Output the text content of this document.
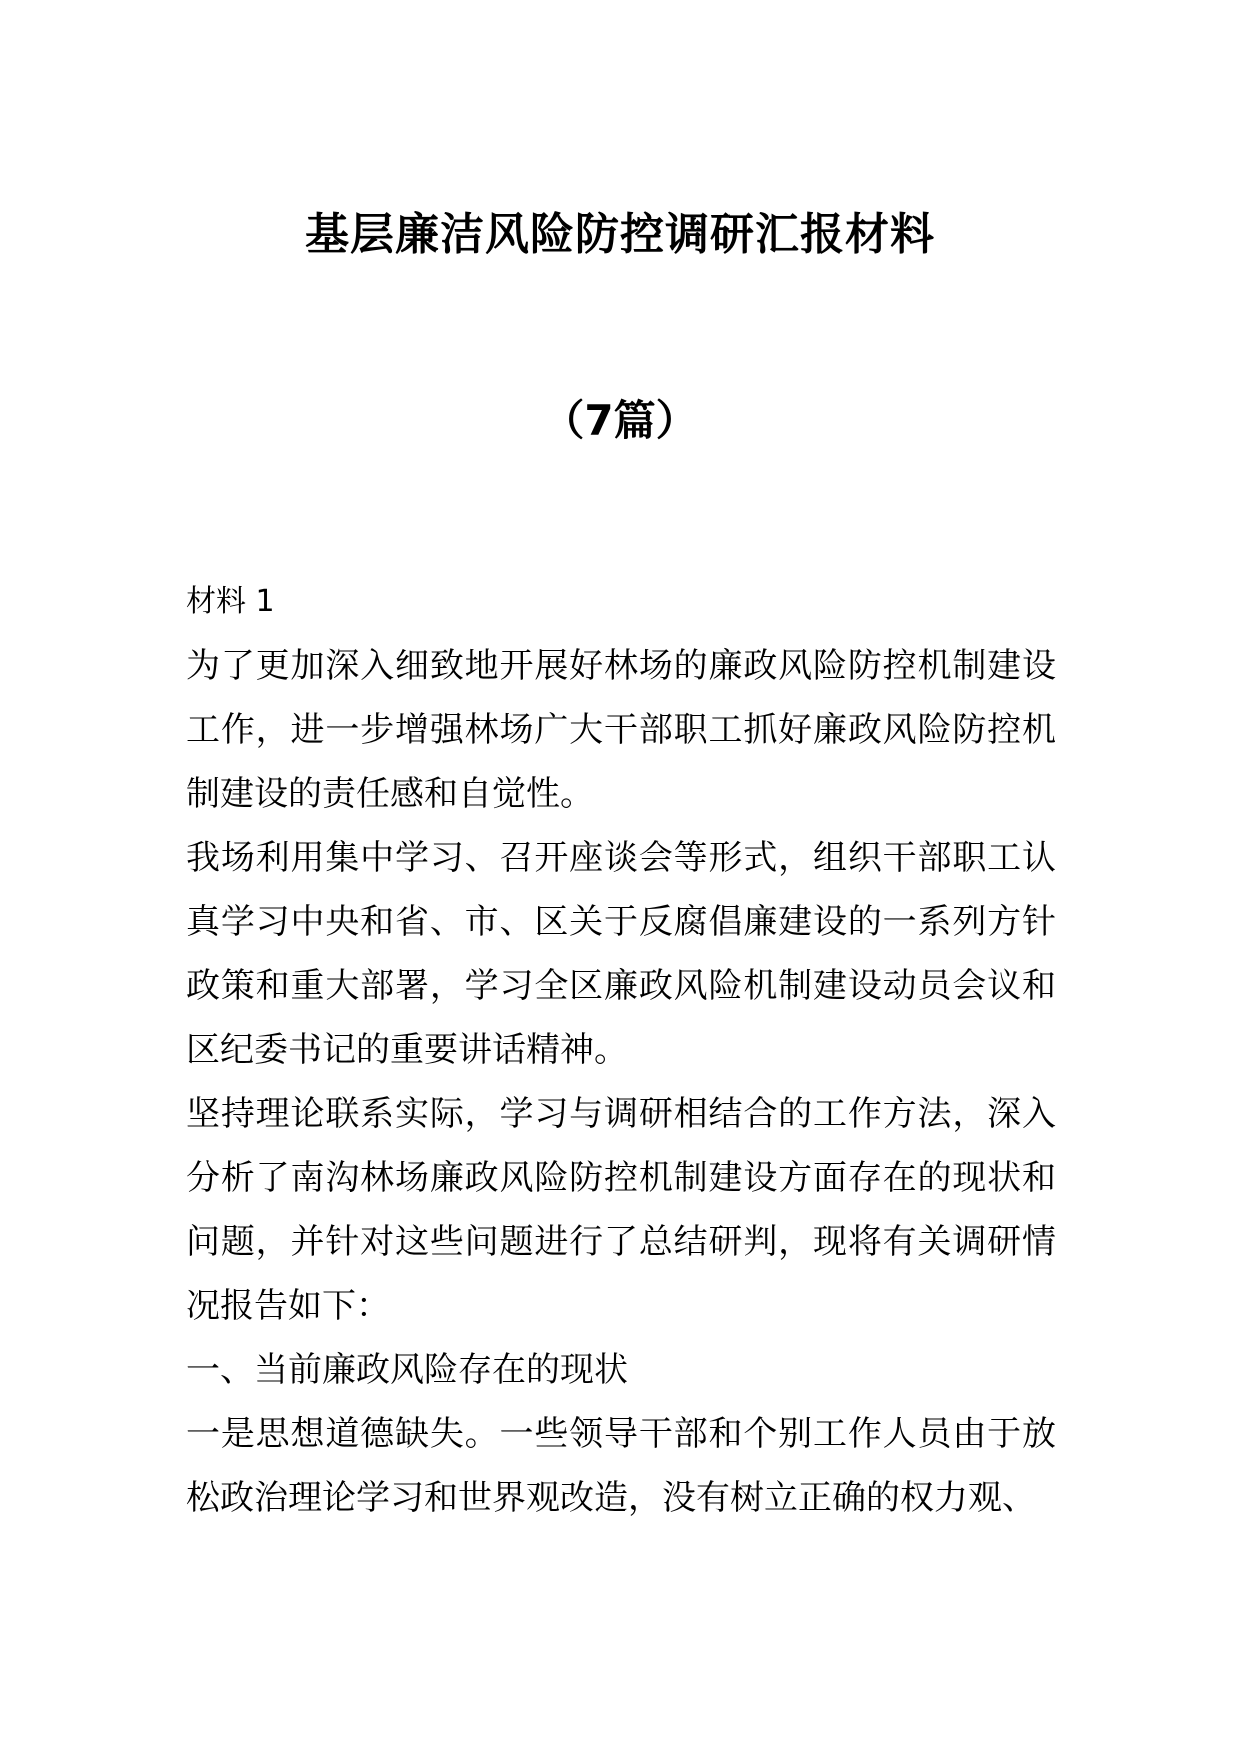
基层廉洁风险防控调研汇报材料
（7篇）

材料 1

为了更加深入细致地开展好林场的廉政风险防控机制建设工作，进一步增强林场广大干部职工抓好廉政风险防控机制建设的责任感和自觉性。

我场利用集中学习、召开座谈会等形式，组织干部职工认真学习中央和省、市、区关于反腐倡廉建设的一系列方针政策和重大部署，学习全区廉政风险机制建设动员会议和区纪委书记的重要讲话精神。

坚持理论联系实际，学习与调研相结合的工作方法，深入分析了南沟林场廉政风险防控机制建设方面存在的现状和问题，并针对这些问题进行了总结研判，现将有关调研情况报告如下：

一、当前廉政风险存在的现状

一是思想道德缺失。一些领导干部和个别工作人员由于放松政治理论学习和世界观改造，没有树立正确的权力观、
